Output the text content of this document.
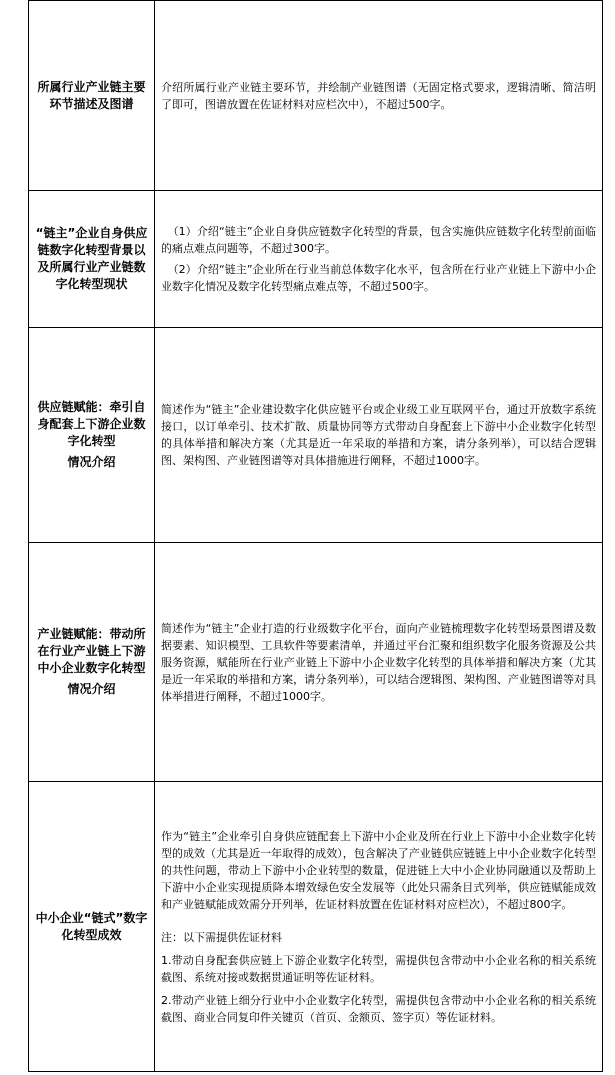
所属行业产业链主要环节描述及图谱	介绍所属行业产业链主要环节，并绘制产业链图谱（无固定格式要求，逻辑清晰、简洁明了即可，图谱放置在佐证材料对应栏次中），不超过500字。

“链主”企业自身供应链数字化转型背景以及所属行业产业链数字化转型现状	（1）介绍“链主”企业自身供应链数字化转型的背景，包含实施供应链数字化转型前面临的痛点难点问题等，不超过300字。

（2）介绍“链主”企业所在行业当前总体数字化水平，包含所在行业产业链上下游中小企业数字化情况及数字化转型痛点难点等，不超过500字。

供应链赋能：牵引自身配套上下游企业数字化转型

情况介绍	简述作为“链主”企业建设数字化供应链平台或企业级工业互联网平台，通过开放数字系统接口，以订单牵引、技术扩散、质量协同等方式带动自身配套上下游中小企业数字化转型的具体举措和解决方案（尤其是近一年采取的举措和方案，请分条列举），可以结合逻辑图、架构图、产业链图谱等对具体措施进行阐释，不超过1000字。

产业链赋能：带动所在行业产业链上下游中小企业数字化转型

情况介绍	简述作为“链主”企业打造的行业级数字化平台，面向产业链梳理数字化转型场景图谱及数据要素、知识模型、工具软件等要素清单，并通过平台汇聚和组织数字化服务资源及公共服务资源，赋能所在行业产业链上下游中小企业数字化转型的具体举措和解决方案（尤其是近一年采取的举措和方案，请分条列举），可以结合逻辑图、架构图、产业链图谱等对具体举措进行阐释，不超过1000字。

中小企业“链式”数字化转型成效	作为“链主”企业牵引自身供应链配套上下游中小企业及所在行业上下游中小企业数字化转型的成效（尤其是近一年取得的成效），包含解决了产业链供应链链上中小企业数字化转型的共性问题，带动上下游中小企业转型的数量，促进链上大中小企业协同融通以及帮助上下游中小企业实现提质降本增效绿色安全发展等（此处只需条目式列举，供应链赋能成效和产业链赋能成效需分开列举，佐证材料放置在佐证材料对应栏次），不超过800字。

注：以下需提供佐证材料

1.带动自身配套供应链上下游企业数字化转型，需提供包含带动中小企业名称的相关系统截图、系统对接或数据贯通证明等佐证材料。

2.带动产业链上细分行业中小企业数字化转型，需提供包含带动中小企业名称的相关系统截图、商业合同复印件关键页（首页、金额页、签字页）等佐证材料。
